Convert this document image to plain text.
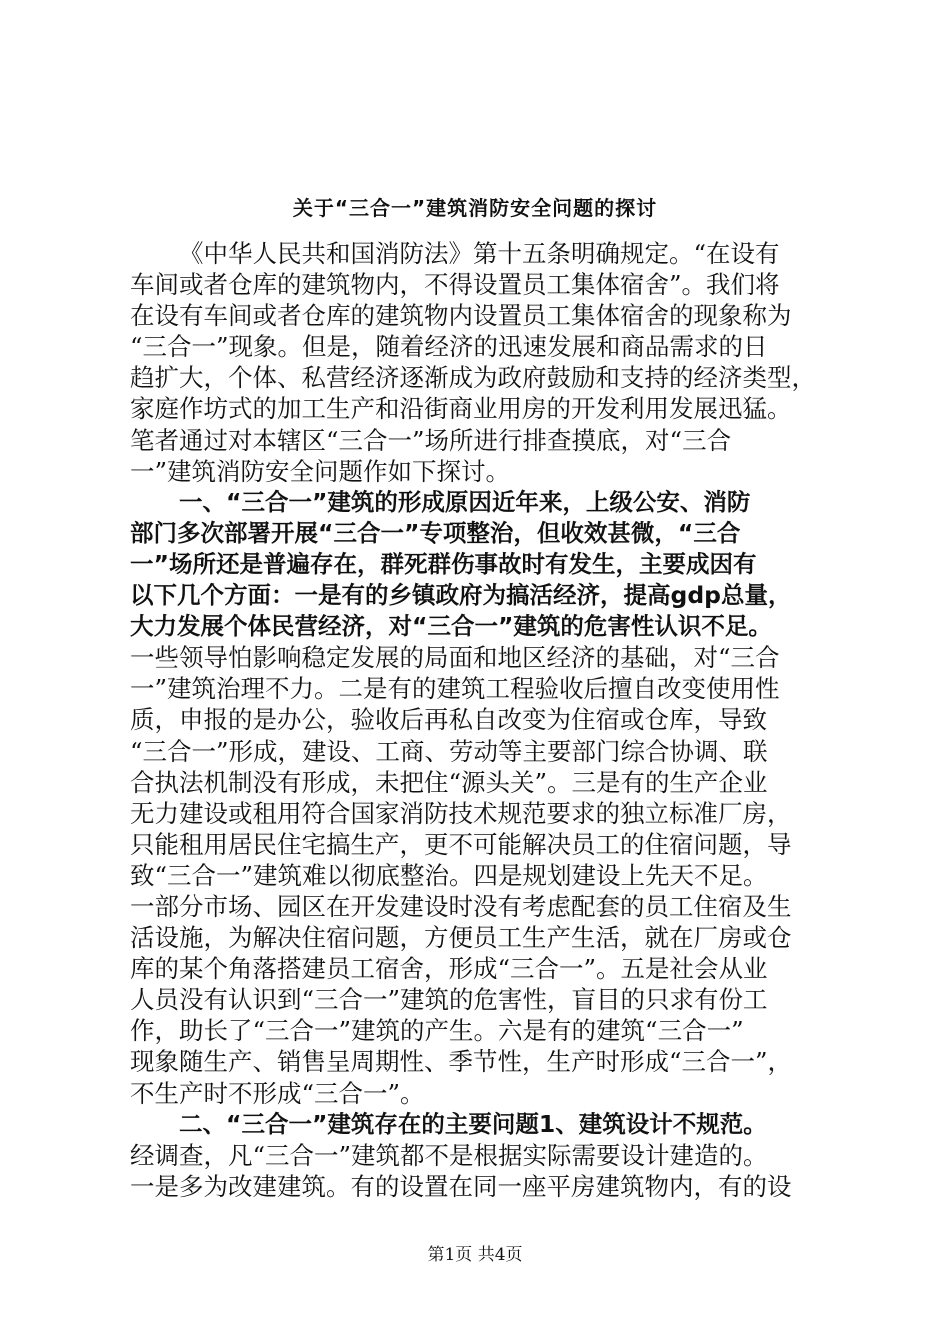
关于“三合一”建筑消防安全问题的探讨
《中华人民共和国消防法》第十五条明确规定。“在设有
车间或者仓库的建筑物内，不得设置员工集体宿舍”。我们将
在设有车间或者仓库的建筑物内设置员工集体宿舍的现象称为
“三合一”现象。但是，随着经济的迅速发展和商品需求的日
趋扩大，个体、私营经济逐渐成为政府鼓励和支持的经济类型，
家庭作坊式的加工生产和沿街商业用房的开发利用发展迅猛。
笔者通过对本辖区“三合一”场所进行排查摸底，对“三合
一”建筑消防安全问题作如下探讨。
一、“三合一”建筑的形成原因近年来，上级公安、消防
部门多次部署开展“三合一”专项整治，但收效甚微，“三合
一”场所还是普遍存在，群死群伤事故时有发生，主要成因有
以下几个方面：一是有的乡镇政府为搞活经济，提高gdp总量，
大力发展个体民营经济，对“三合一”建筑的危害性认识不足。
一些领导怕影响稳定发展的局面和地区经济的基础，对“三合
一”建筑治理不力。二是有的建筑工程验收后擅自改变使用性
质，申报的是办公，验收后再私自改变为住宿或仓库，导致
“三合一”形成，建设、工商、劳动等主要部门综合协调、联
合执法机制没有形成，未把住“源头关”。三是有的生产企业
无力建设或租用符合国家消防技术规范要求的独立标准厂房，
只能租用居民住宅搞生产，更不可能解决员工的住宿问题，导
致“三合一”建筑难以彻底整治。四是规划建设上先天不足。
一部分市场、园区在开发建设时没有考虑配套的员工住宿及生
活设施，为解决住宿问题，方便员工生产生活，就在厂房或仓
库的某个角落搭建员工宿舍，形成“三合一”。五是社会从业
人员没有认识到“三合一”建筑的危害性，盲目的只求有份工
作，助长了“三合一”建筑的产生。六是有的建筑“三合一”
现象随生产、销售呈周期性、季节性，生产时形成“三合一”，
不生产时不形成“三合一”。
二、“三合一”建筑存在的主要问题1、建筑设计不规范。
经调查，凡“三合一”建筑都不是根据实际需要设计建造的。
一是多为改建建筑。有的设置在同一座平房建筑物内，有的设
第1页 共4页
